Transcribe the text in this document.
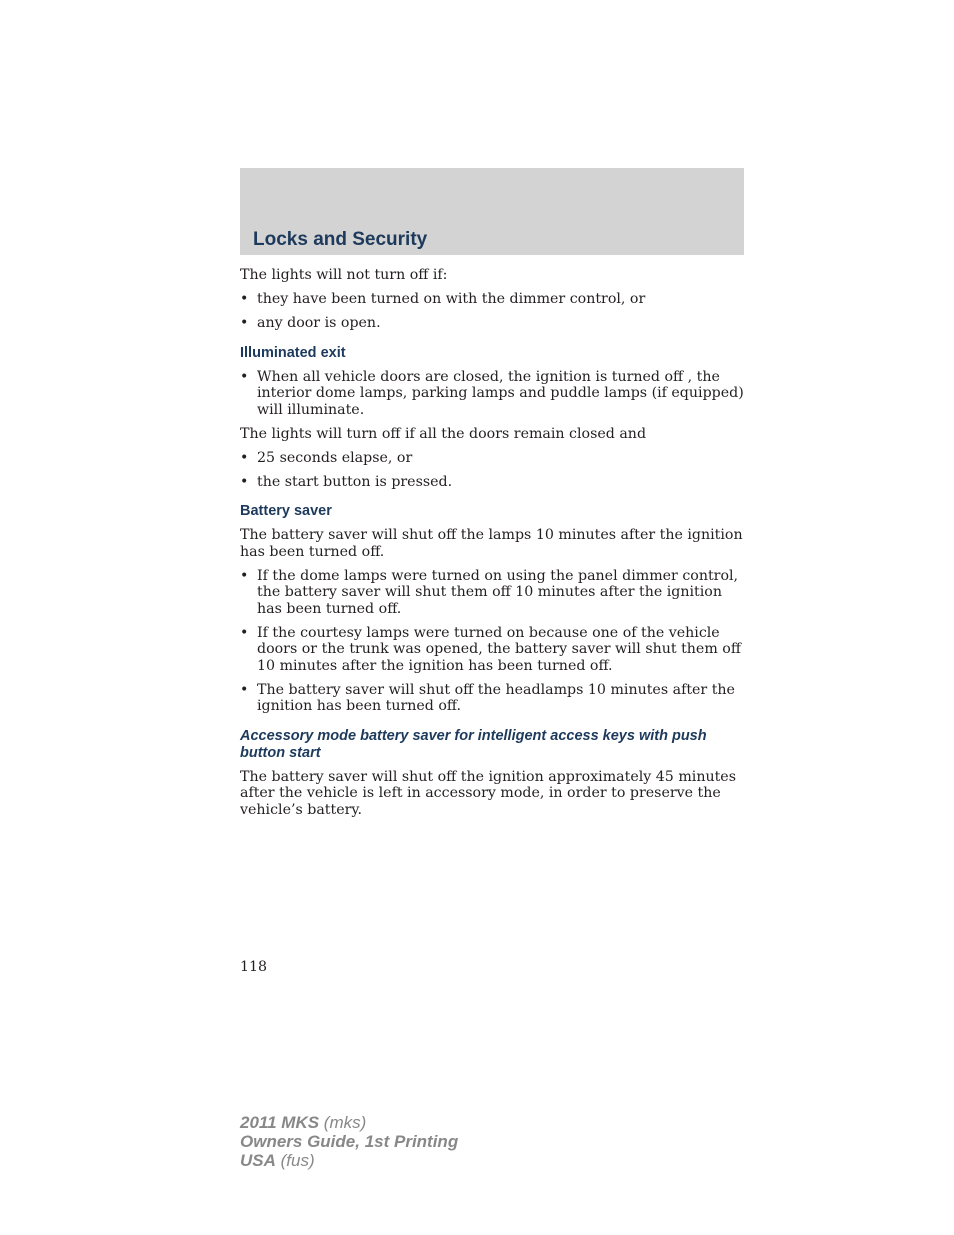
Locks and Security

The lights will not turn off if:

• they have been turned on with the dimmer control, or
• any door is open.
Illuminated exit
• When all vehicle doors are closed, the ignition is turned off , the interior dome lamps, parking lamps and puddle lamps (if equipped) will illuminate.

The lights will turn off if all the doors remain closed and

• 25 seconds elapse, or
• the start button is pressed.
Battery saver

The battery saver will shut off the lamps 10 minutes after the ignition has been turned off.

• If the dome lamps were turned on using the panel dimmer control, the battery saver will shut them off 10 minutes after the ignition has been turned off.
• If the courtesy lamps were turned on because one of the vehicle doors or the trunk was opened, the battery saver will shut them off 10 minutes after the ignition has been turned off.
• The battery saver will shut off the headlamps 10 minutes after the ignition has been turned off.
Accessory mode battery saver for intelligent access keys with push button start

The battery saver will shut off the ignition approximately 45 minutes after the vehicle is left in accessory mode, in order to preserve the vehicle’s battery.

118
2011 MKS (mks)
Owners Guide, 1st Printing
USA (fus)
